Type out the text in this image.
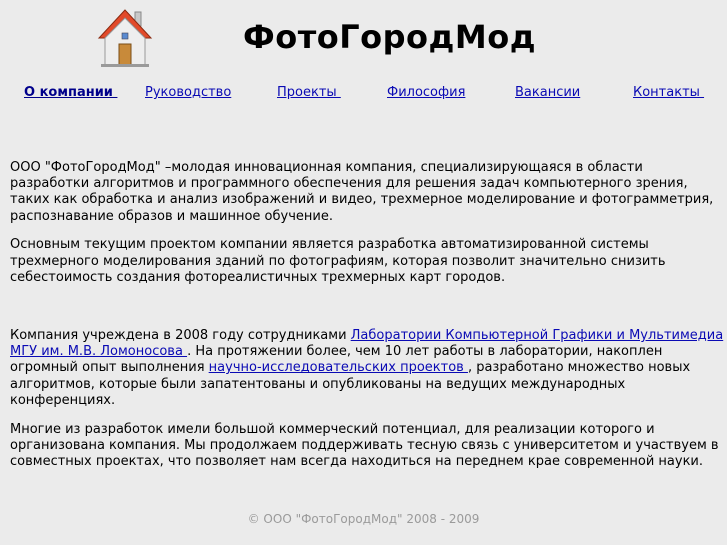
ФотоГородМод
О компании Руководство	Проекты	Философия	Вакансии	Контакты

ООО "ФотоГородМод" –молодая инновационная компания, специализирующаяся в области разработки алгоритмов и программного обеспечения для решения задач компьютерного зрения, таких как обработка и анализ изображений и видео, трехмерное моделирование и фотограмметрия, распознавание образов и машинное обучение.

Основным текущим проектом компании является разработка автоматизированной системы трехмерного моделирования зданий по фотографиям, которая позволит значительно снизить себестоимость создания фотореалистичных трехмерных карт городов.

Компания учреждена в 2008 году сотрудниками Лаборатории Компьютерной Графики и Мультимедиа МГУ им. М.В. Ломоносова . На протяжении более, чем 10 лет работы в лаборатории, накоплен огромный опыт выполнения научно-исследовательских проектов , разработано множество новых алгоритмов, которые были запатентованы и опубликованы на ведущих международных конференциях.

Многие из разработок имели большой коммерческий потенциал, для реализации которого и организована компания. Мы продолжаем поддерживать тесную связь с университетом и участвуем в совместных проектах, что позволяет нам всегда находиться на переднем крае современной науки.

© ООО "ФотоГородМод" 2008 - 2009
